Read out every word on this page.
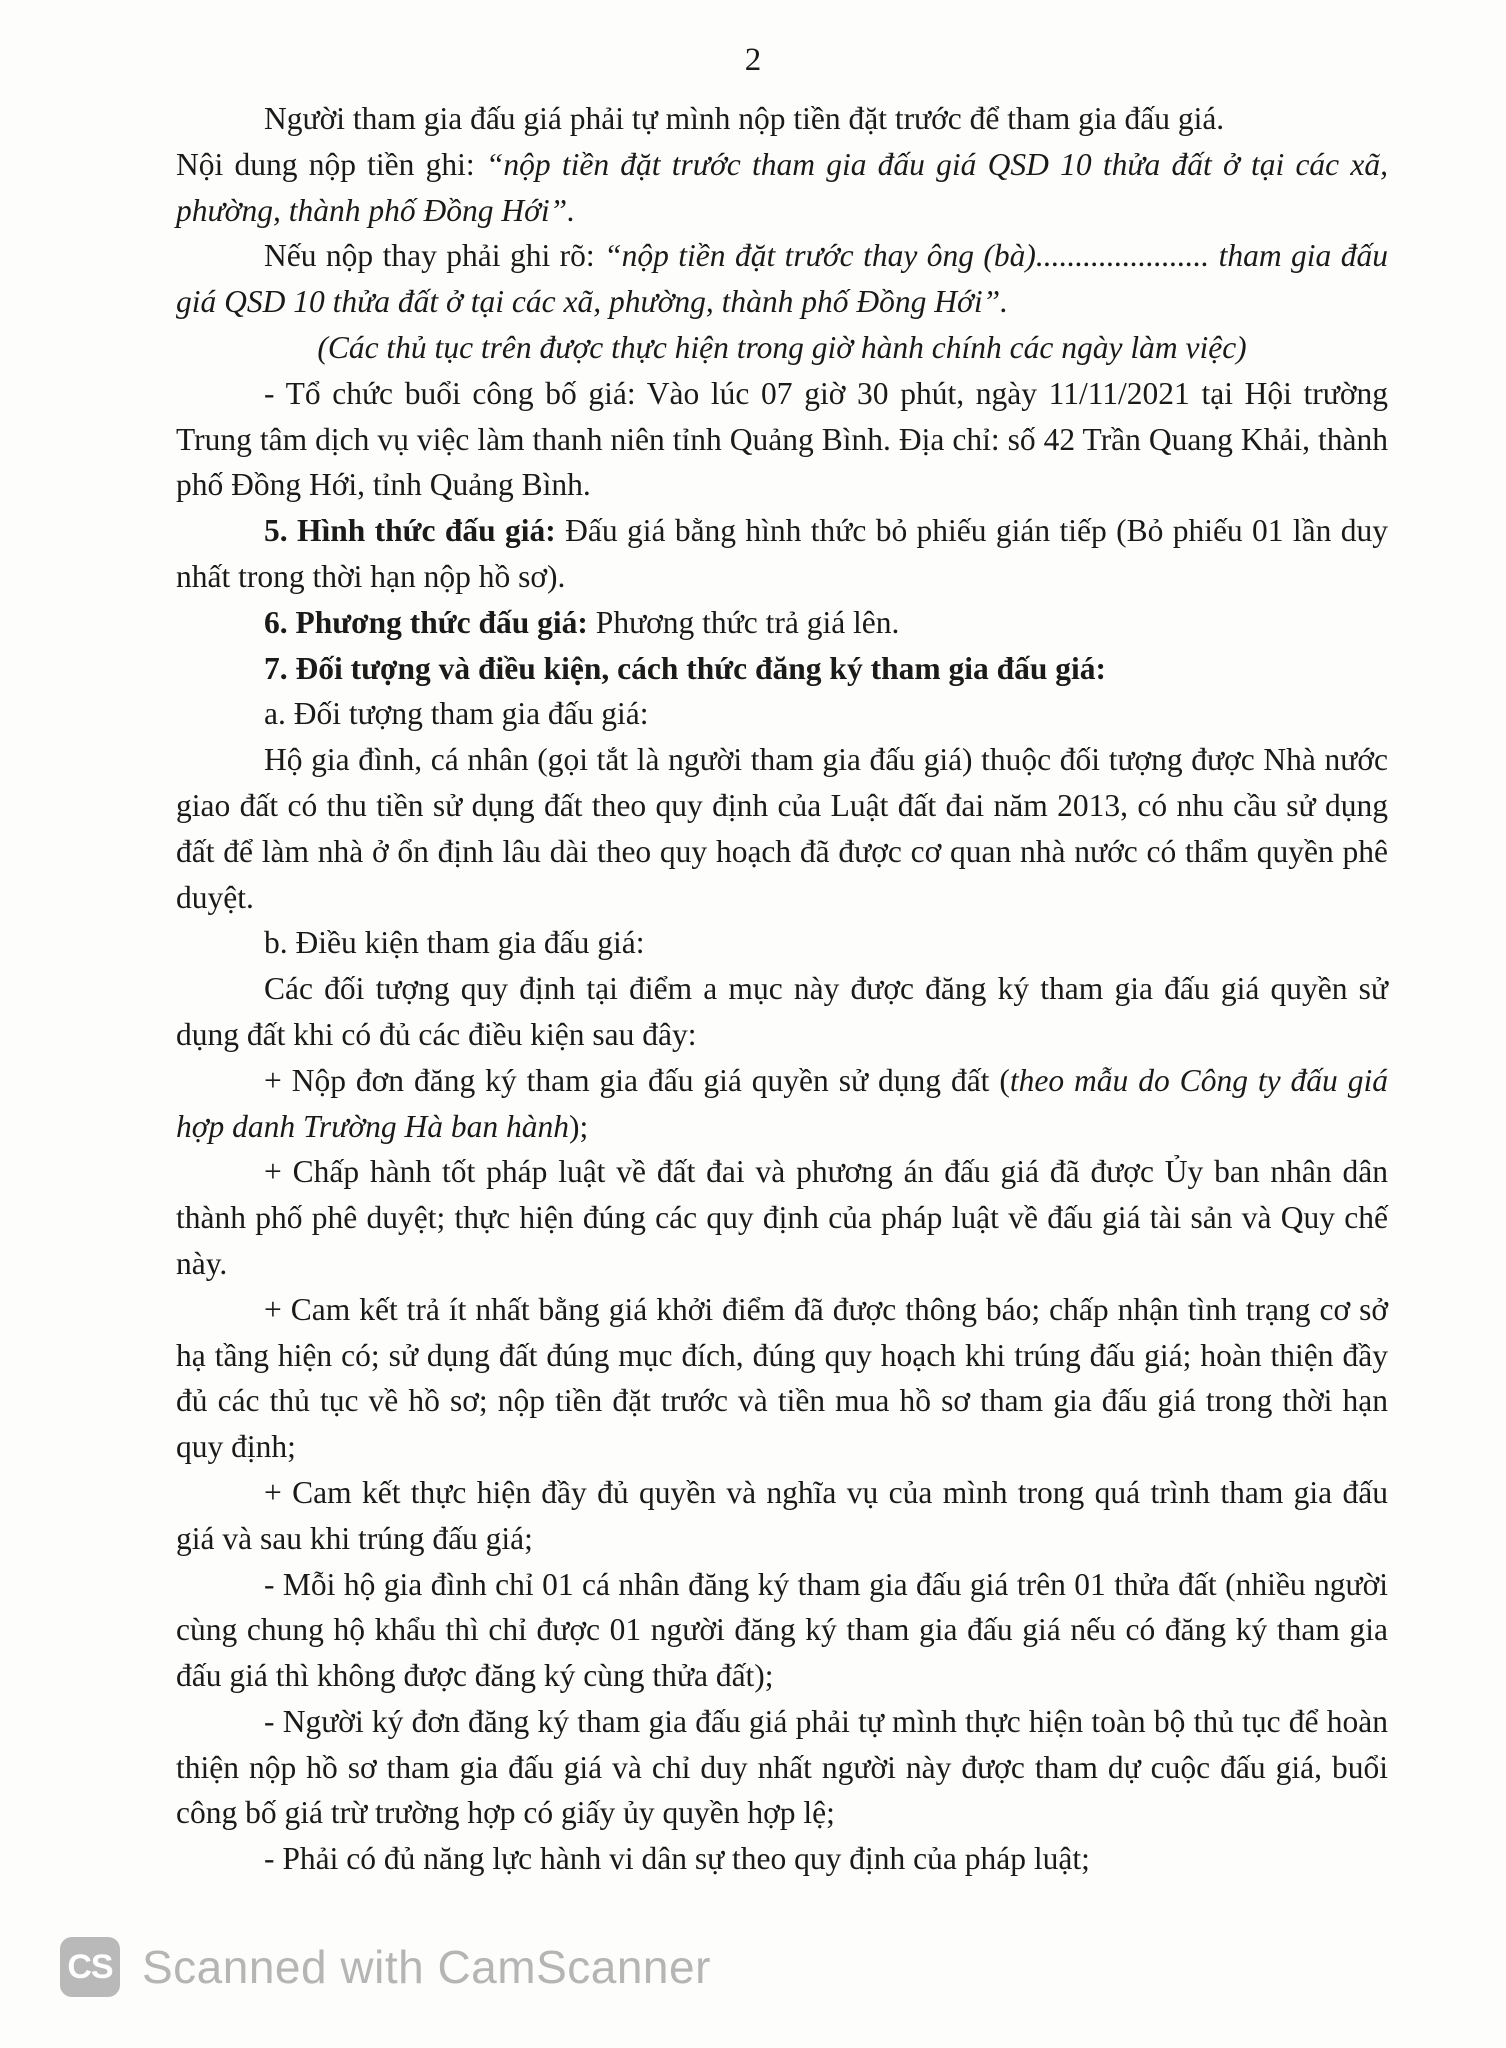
2

Người tham gia đấu giá phải tự mình nộp tiền đặt trước để tham gia đấu giá.

Nội dung nộp tiền ghi: “nộp tiền đặt trước tham gia đấu giá QSD 10 thửa đất ở tại các xã, phường, thành phố Đồng Hới”.

Nếu nộp thay phải ghi rõ: “nộp tiền đặt trước thay ông (bà)...................... tham gia đấu giá QSD 10 thửa đất ở tại các xã, phường, thành phố Đồng Hới”.

(Các thủ tục trên được thực hiện trong giờ hành chính các ngày làm việc)

- Tổ chức buổi công bố giá: Vào lúc 07 giờ 30 phút, ngày 11/11/2021 tại Hội trường Trung tâm dịch vụ việc làm thanh niên tỉnh Quảng Bình. Địa chỉ: số 42 Trần Quang Khải, thành phố Đồng Hới, tỉnh Quảng Bình.

5. Hình thức đấu giá: Đấu giá bằng hình thức bỏ phiếu gián tiếp (Bỏ phiếu 01 lần duy nhất trong thời hạn nộp hồ sơ).

6. Phương thức đấu giá: Phương thức trả giá lên.

7. Đối tượng và điều kiện, cách thức đăng ký tham gia đấu giá:

a. Đối tượng tham gia đấu giá:

Hộ gia đình, cá nhân (gọi tắt là người tham gia đấu giá) thuộc đối tượng được Nhà nước giao đất có thu tiền sử dụng đất theo quy định của Luật đất đai năm 2013, có nhu cầu sử dụng đất để làm nhà ở ổn định lâu dài theo quy hoạch đã được cơ quan nhà nước có thẩm quyền phê duyệt.

b. Điều kiện tham gia đấu giá:

Các đối tượng quy định tại điểm a mục này được đăng ký tham gia đấu giá quyền sử dụng đất khi có đủ các điều kiện sau đây:

+ Nộp đơn đăng ký tham gia đấu giá quyền sử dụng đất (theo mẫu do Công ty đấu giá hợp danh Trường Hà ban hành);

+ Chấp hành tốt pháp luật về đất đai và phương án đấu giá đã được Ủy ban nhân dân thành phố phê duyệt; thực hiện đúng các quy định của pháp luật về đấu giá tài sản và Quy chế này.

+ Cam kết trả ít nhất bằng giá khởi điểm đã được thông báo; chấp nhận tình trạng cơ sở hạ tầng hiện có; sử dụng đất đúng mục đích, đúng quy hoạch khi trúng đấu giá; hoàn thiện đầy đủ các thủ tục về hồ sơ; nộp tiền đặt trước và tiền mua hồ sơ tham gia đấu giá trong thời hạn quy định;

+ Cam kết thực hiện đầy đủ quyền và nghĩa vụ của mình trong quá trình tham gia đấu giá và sau khi trúng đấu giá;

- Mỗi hộ gia đình chỉ 01 cá nhân đăng ký tham gia đấu giá trên 01 thửa đất (nhiều người cùng chung hộ khẩu thì chỉ được 01 người đăng ký tham gia đấu giá nếu có đăng ký tham gia đấu giá thì không được đăng ký cùng thửa đất);

- Người ký đơn đăng ký tham gia đấu giá phải tự mình thực hiện toàn bộ thủ tục để hoàn thiện nộp hồ sơ tham gia đấu giá và chỉ duy nhất người này được tham dự cuộc đấu giá, buổi công bố giá trừ trường hợp có giấy ủy quyền hợp lệ;

- Phải có đủ năng lực hành vi dân sự theo quy định của pháp luật;

CS Scanned with CamScanner
